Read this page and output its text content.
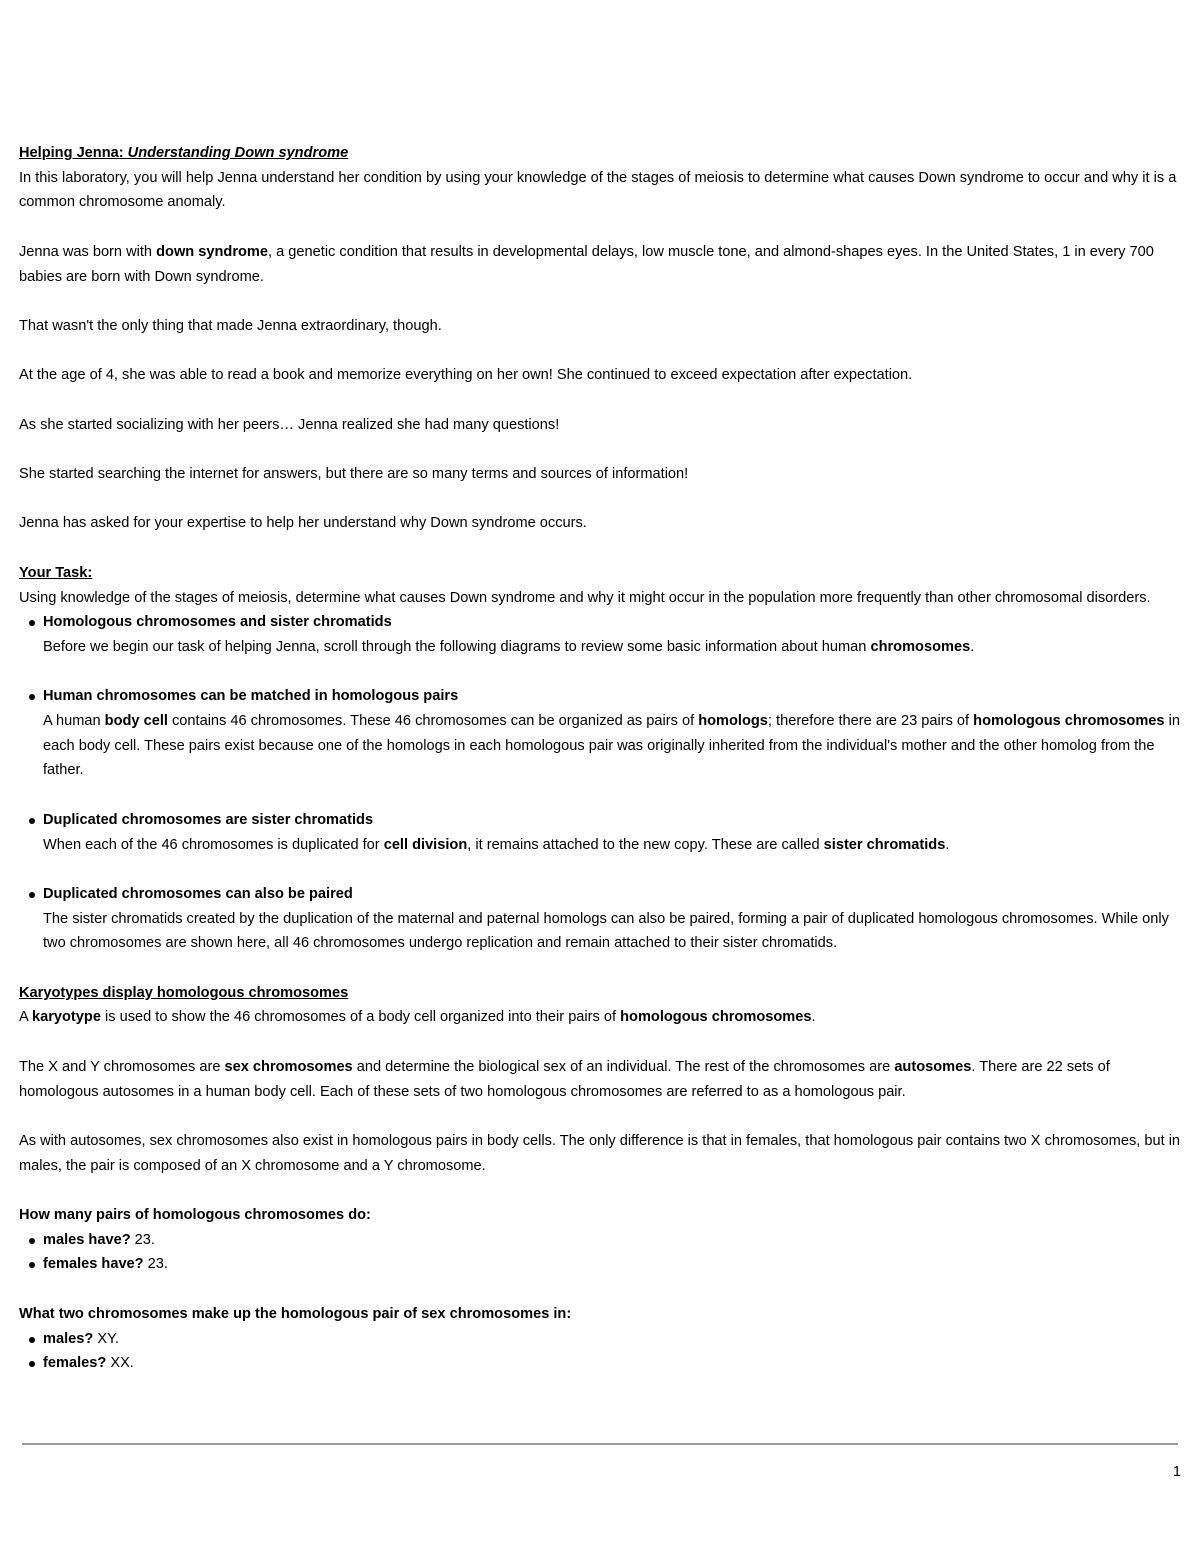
Helping Jenna: Understanding Down syndrome

In this laboratory, you will help Jenna understand her condition by using your knowledge of the stages of meiosis to determine what causes Down syndrome to occur and why it is a common chromosome anomaly.

Jenna was born with down syndrome, a genetic condition that results in developmental delays, low muscle tone, and almond-shapes eyes. In the United States, 1 in every 700 babies are born with Down syndrome.

That wasn't the only thing that made Jenna extraordinary, though.

At the age of 4, she was able to read a book and memorize everything on her own! She continued to exceed expectation after expectation.

As she started socializing with her peers… Jenna realized she had many questions!

She started searching the internet for answers, but there are so many terms and sources of information!

Jenna has asked for your expertise to help her understand why Down syndrome occurs.

Your Task:

Using knowledge of the stages of meiosis, determine what causes Down syndrome and why it might occur in the population more frequently than other chromosomal disorders.

Homologous chromosomes and sister chromatids
Before we begin our task of helping Jenna, scroll through the following diagrams to review some basic information about human chromosomes.
Human chromosomes can be matched in homologous pairs
A human body cell contains 46 chromosomes. These 46 chromosomes can be organized as pairs of homologs; therefore there are 23 pairs of homologous chromosomes in each body cell. These pairs exist because one of the homologs in each homologous pair was originally inherited from the individual's mother and the other homolog from the father.
Duplicated chromosomes are sister chromatids
When each of the 46 chromosomes is duplicated for cell division, it remains attached to the new copy. These are called sister chromatids.
Duplicated chromosomes can also be paired
The sister chromatids created by the duplication of the maternal and paternal homologs can also be paired, forming a pair of duplicated homologous chromosomes. While only two chromosomes are shown here, all 46 chromosomes undergo replication and remain attached to their sister chromatids.

Karyotypes display homologous chromosomes

A karyotype is used to show the 46 chromosomes of a body cell organized into their pairs of homologous chromosomes.

The X and Y chromosomes are sex chromosomes and determine the biological sex of an individual. The rest of the chromosomes are autosomes. There are 22 sets of homologous autosomes in a human body cell. Each of these sets of two homologous chromosomes are referred to as a homologous pair.

As with autosomes, sex chromosomes also exist in homologous pairs in body cells. The only difference is that in females, that homologous pair contains two X chromosomes, but in males, the pair is composed of an X chromosome and a Y chromosome.

How many pairs of homologous chromosomes do:

males have? 23.
females have? 23.

What two chromosomes make up the homologous pair of sex chromosomes in:

males? XY.
females? XX.
1
